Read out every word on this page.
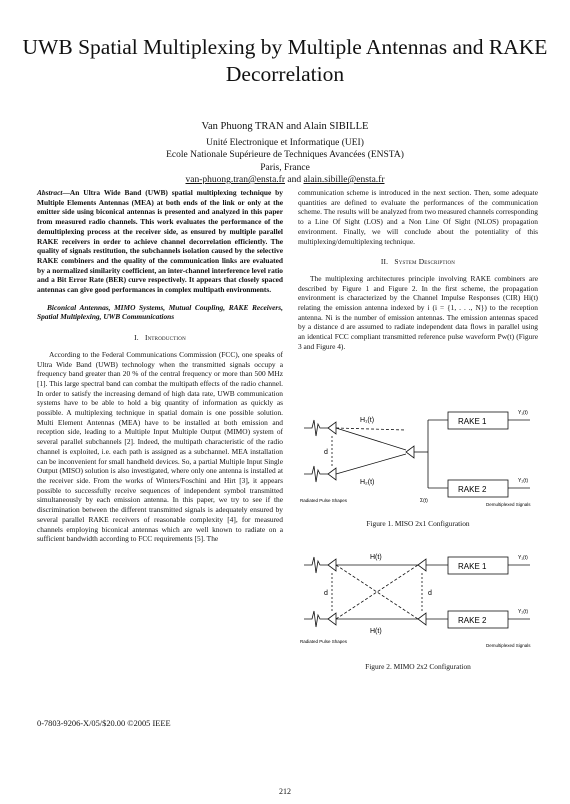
UWB Spatial Multiplexing by Multiple Antennas and RAKE Decorrelation
Van Phuong TRAN and Alain SIBILLE
Unité Electronique et Informatique (UEI)
Ecole Nationale Supérieure de Techniques Avancées (ENSTA)
Paris, France
van-phuong.tran@ensta.fr and alain.sibille@ensta.fr
Abstract—An Ultra Wide Band (UWB) spatial multiplexing technique by Multiple Elements Antennas (MEA) at both ends of the link or only at the emitter side using biconical antennas is presented and analyzed in this paper from measured radio channels. This work evaluates the performance of the demultiplexing process at the receiver side, as ensured by multiple parallel RAKE receivers in order to achieve channel decorrelation efficiently. The quality of signals restitution, the subchannels isolation caused by the selective RAKE combiners and the quality of the communication links are evaluated by a normalized similarity coefficient, an inter-channel interference level ratio and a Bit Error Rate (BER) curve respectively. It appears that closely spaced antennas can give good performances in complex multipath environments.
Biconical Antennas, MIMO Systems, Mutual Coupling, RAKE Receivers, Spatial Multiplexing, UWB Communications
I. Introduction

According to the Federal Communications Commission (FCC), one speaks of Ultra Wide Band (UWB) technology when the transmitted signals occupy a frequency band greater than 20 % of the central frequency or more than 500 MHz [1]. This large spectral band can combat the multipath effects of the radio channel. In order to satisfy the increasing demand of high data rate, UWB communication systems have to be able to hold a big quantity of information as quickly as possible. A multiplexing technique in spatial domain is one possible solution. Multi Element Antennas (MEA) have to be installed at both emission and reception side, leading to a Multiple Input Multiple Output (MIMO) system of several parallel subchannels [2]. Indeed, the multipath characteristic of the radio channel is exploited, i.e. each path is assigned as a subchannel. MEA installation can be inconvenient for small handheld devices. So, a partial Multiple Input Single Output (MISO) solution is also investigated, where only one antenna is installed at the receiver side. From the works of Winters/Foschini and Hirt [3], it appears possible to successfully receive sequences of independent symbol transmitted simultaneously by each emission antenna. In this paper, we try to see if the discrimination between the different transmitted signals is adequately ensured by several parallel RAKE receivers of reasonable complexity [4], for measured channels employing biconical antennas which are well known to radiate on a sufficient bandwidth according to FCC requirements [5]. The

communication scheme is introduced in the next section. Then, some adequate quantities are defined to evaluate the performances of the communication scheme. The results will be analyzed from two measured channels corresponding to a Line Of Sight (LOS) and a Non Line Of Sight (NLOS) propagation environment. Finally, we will conclude about the potentiality of this multiplexing/demultiplexing technique.

II. System Description

The multiplexing architectures principle involving RAKE combiners are described by Figure 1 and Figure 2. In the first scheme, the propagation environment is characterized by the Channel Impulse Responses (CIR) Hi(t) relating the emission antenna indexed by i (i = {1, . . ., N}) to the reception antenna. Ni is the number of emission antennas. The emission antennas spaced by a distance d are assumed to radiate independent data flows in parallel using an identical FCC compliant transmitted reference pulse waveform Pw(t) (Figure 3 and Figure 4).

H₁(t)
H₂(t)
d
RAKE 1
RAKE 2
Y₁(t)
Y₂(t)
Radiated Pulse Shapes	Σ(t)
Demultiplexed Signals
Figure 1. MISO 2x1 Configuration
H(t)
H(t)
d	d
RAKE 1
RAKE 2
Y₁(t)
Y₂(t)
Radiated Pulse Shapes
Demultiplexed Signals
Figure 2. MIMO 2x2 Configuration
0-7803-9206-X/05/$20.00 ©2005 IEEE
212
